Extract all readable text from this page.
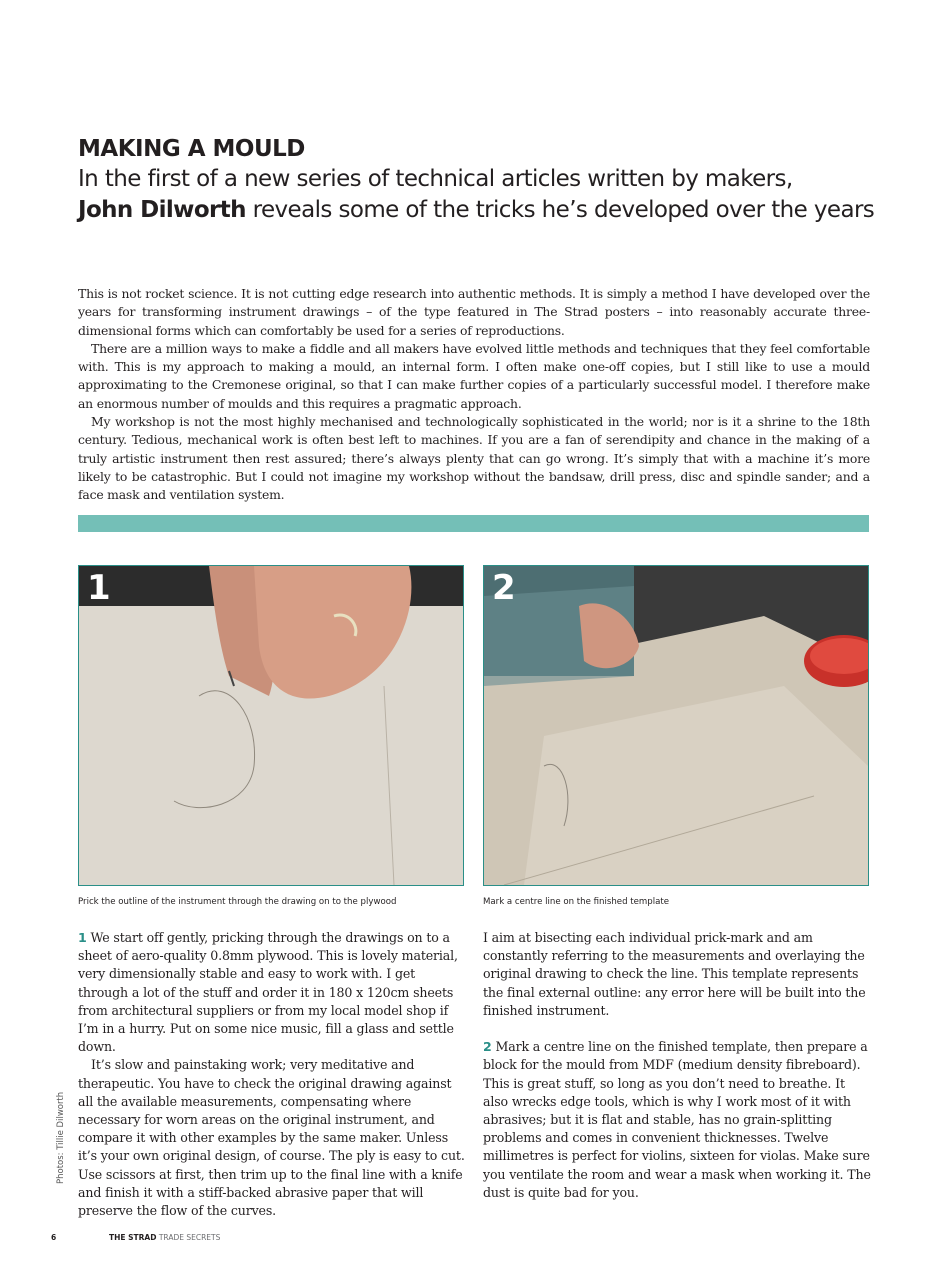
MAKING A MOULD
In the first of a new series of technical articles written by makers,
John Dilworth reveals some of the tricks he’s developed over the years

This is not rocket science. It is not cutting edge research into authentic methods. It is simply a method I have developed over the years for transforming instrument drawings – of the type featured in The Strad posters – into reasonably accurate three-dimensional forms which can comfortably be used for a series of reproductions.

There are a million ways to make a fiddle and all makers have evolved little methods and techniques that they feel comfortable with. This is my approach to making a mould, an internal form. I often make one-off copies, but I still like to use a mould approximating to the Cremonese original, so that I can make further copies of a particularly successful model. I therefore make an enormous number of moulds and this requires a pragmatic approach.

My workshop is not the most highly mechanised and technologically sophisticated in the world; nor is it a shrine to the 18th century. Tedious, mechanical work is often best left to machines. If you are a fan of serendipity and chance in the making of a truly artistic instrument then rest assured; there’s always plenty that can go wrong. It’s simply that with a machine it’s more likely to be catastrophic. But I could not imagine my workshop without the bandsaw, drill press, disc and spindle sander; and a face mask and ventilation system.

1	2
Prick the outline of the instrument through the drawing on to the plywood	Mark a centre line on the finished template

1 We start off gently, pricking through the drawings on to a sheet of aero-quality 0.8mm plywood. This is lovely material, very dimensionally stable and easy to work with. I get through a lot of the stuff and order it in 180 x 120cm sheets from architectural suppliers or from my local model shop if I’m in a hurry. Put on some nice music, fill a glass and settle down.

It’s slow and painstaking work; very meditative and therapeutic. You have to check the original drawing against all the available measurements, compensating where necessary for worn areas on the original instrument, and compare it with other examples by the same maker. Unless it’s your own original design, of course. The ply is easy to cut. Use scissors at first, then trim up to the final line with a knife and finish it with a stiff-backed abrasive paper that will preserve the flow of the curves.

I aim at bisecting each individual prick-mark and am constantly referring to the measurements and overlaying the original drawing to check the line. This template represents the final external outline: any error here will be built into the finished instrument.

2 Mark a centre line on the finished template, then prepare a block for the mould from MDF (medium density fibreboard). This is great stuff, so long as you don’t need to breathe. It also wrecks edge tools, which is why I work most of it with abrasives; but it is flat and stable, has no grain-splitting problems and comes in convenient thicknesses. Twelve millimetres is perfect for violins, sixteen for violas. Make sure you ventilate the room and wear a mask when working it. The dust is quite bad for you.

Photos: Tillie Dilworth
6	THE STRAD TRADE SECRETS
